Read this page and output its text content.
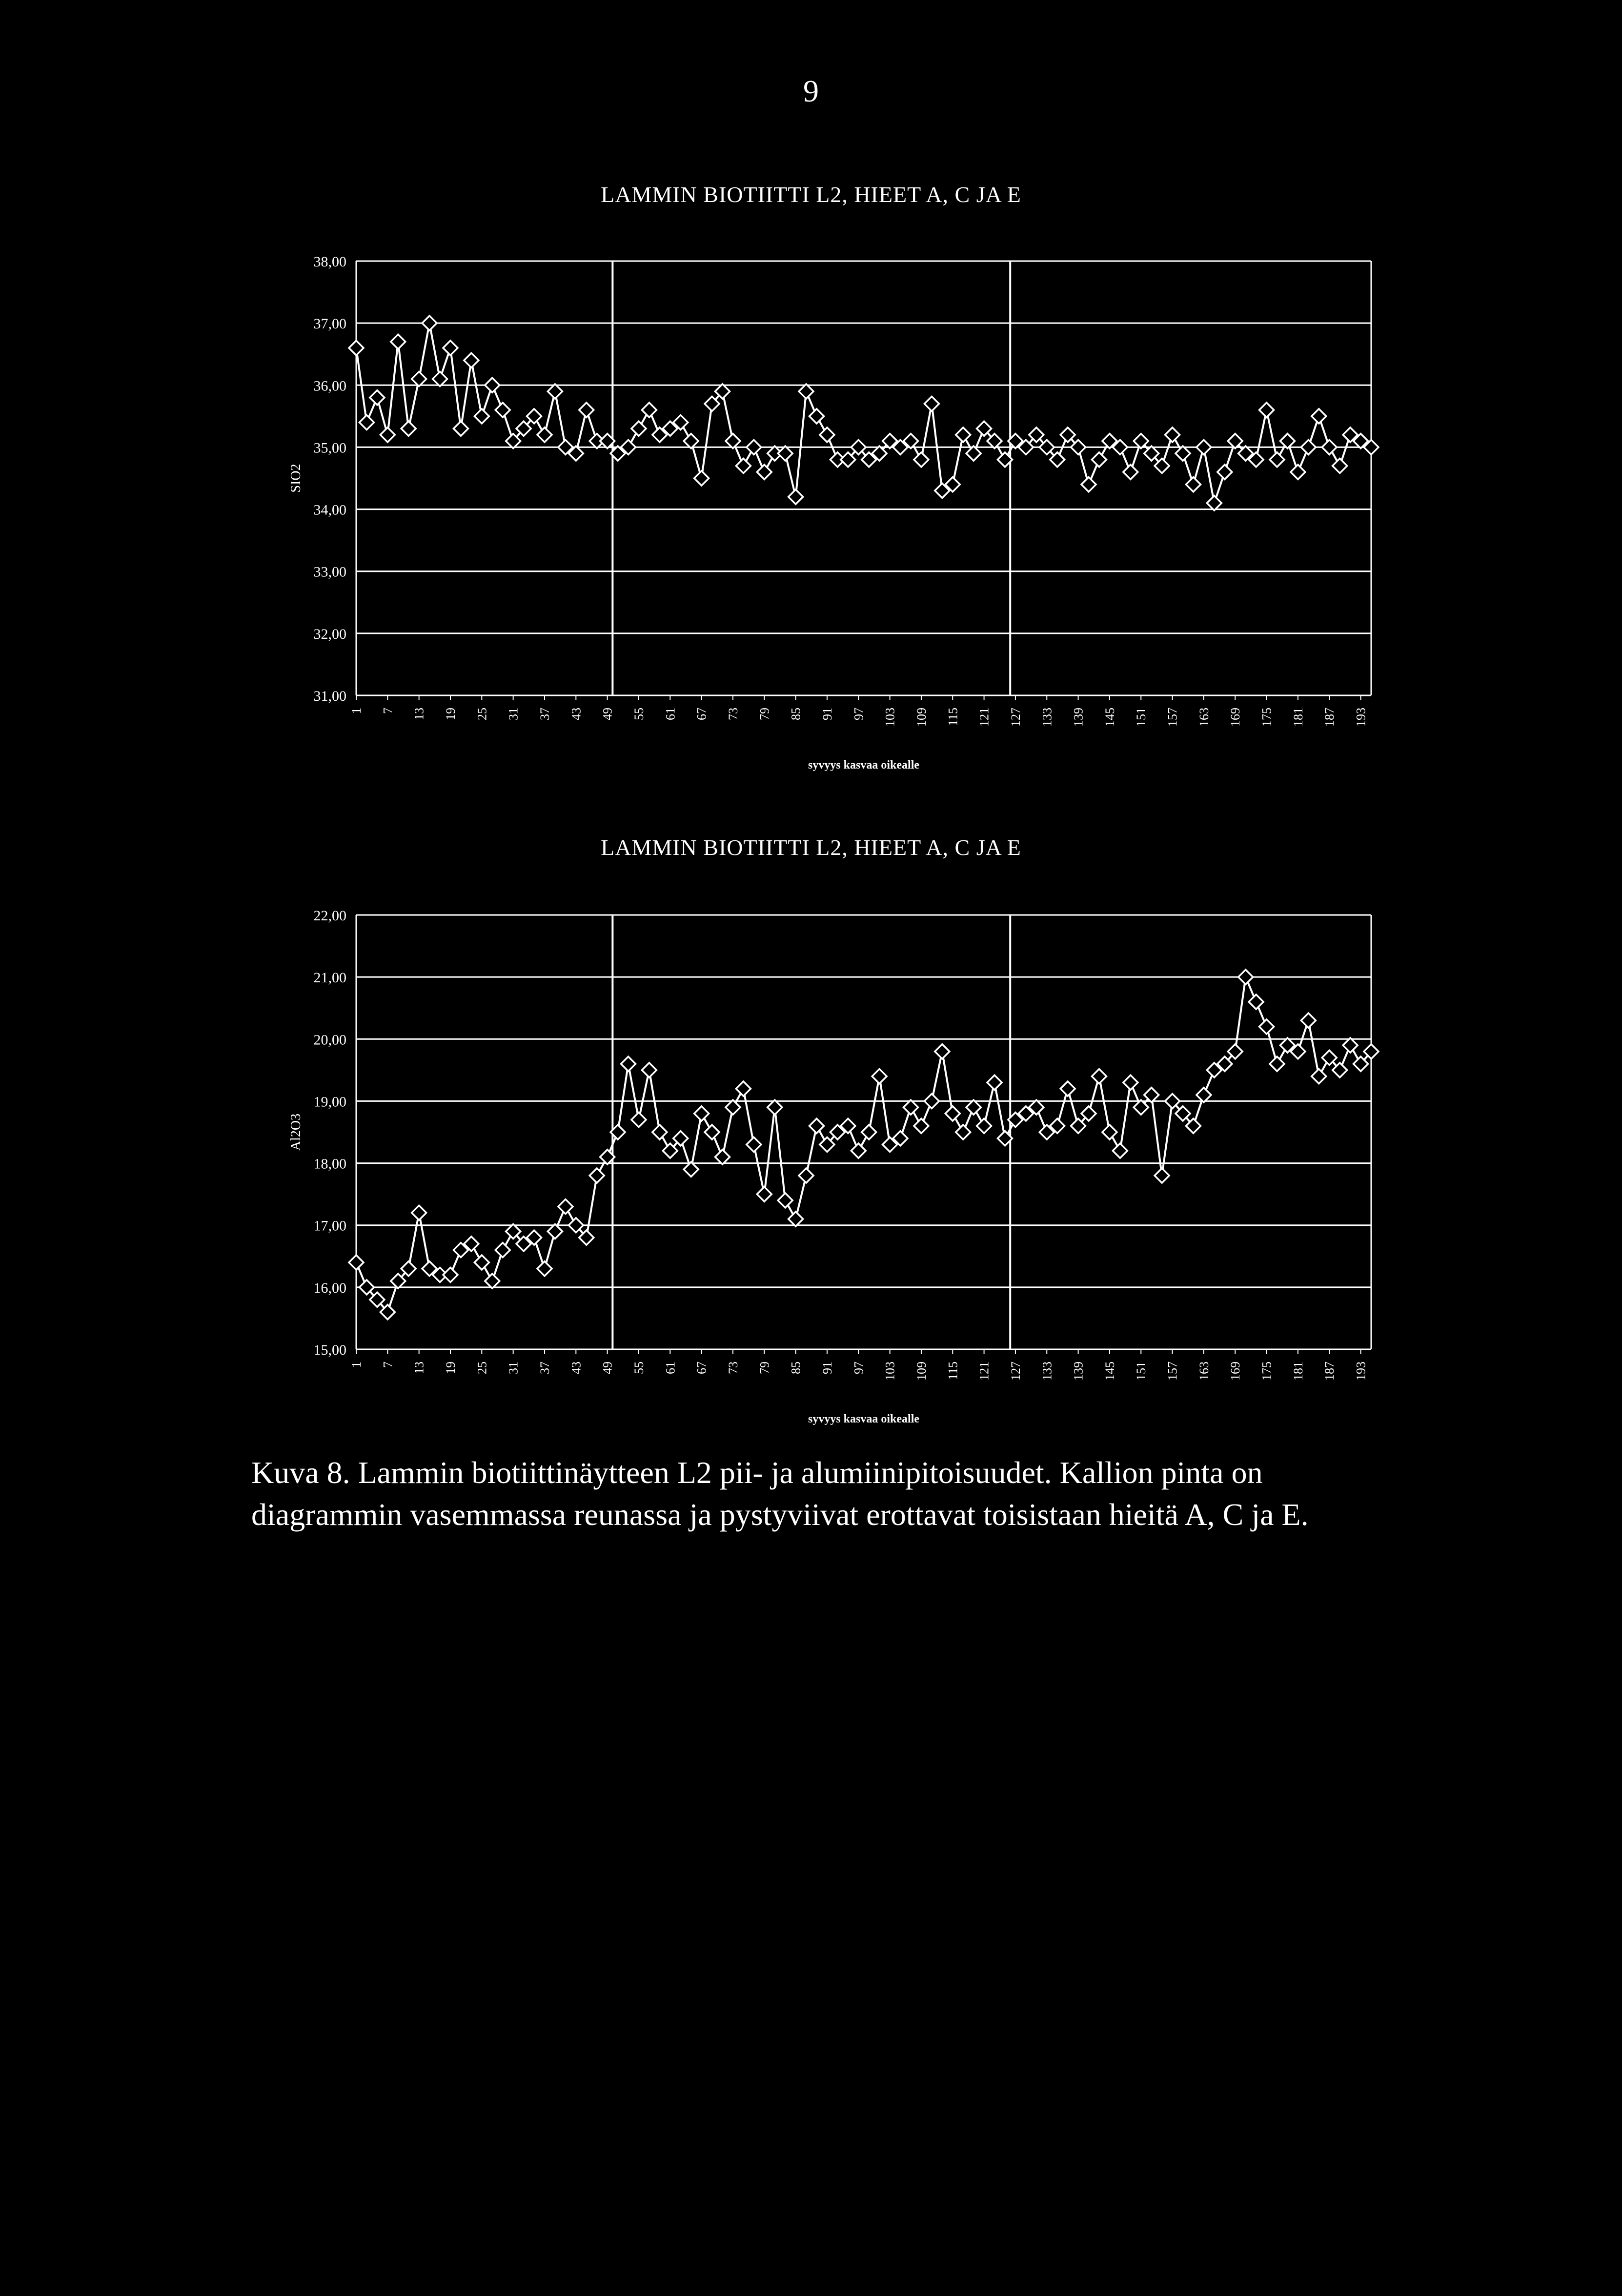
9
LAMMIN BIOTIITTI L2, HIEET A, C JA E
31,00
32,00
33,00
34,00
35,00
36,00
37,00
38,00
1 7 13 19 25 31 37 43 49 55 61 67 73 79 85 91 97 103 109 115 121 127 133 139 145 151 157 163 169 175 181 187 193
SIO2
syvyys kasvaa oikealle
LAMMIN BIOTIITTI L2, HIEET A, C JA E
15,00
16,00
17,00
18,00
19,00
20,00
21,00
22,00
1 7 13 19 25 31 37 43 49 55 61 67 73 79 85 91 97 103 109 115 121 127 133 139 145 151 157 163 169 175 181 187 193
Al2O3
syvyys kasvaa oikealle

Kuva 8. Lammin biotiittinäytteen L2 pii- ja alumiinipitoisuudet. Kallion pinta on

diagrammin vasemmassa reunassa ja pystyviivat erottavat toisistaan hieitä A, C ja E.
